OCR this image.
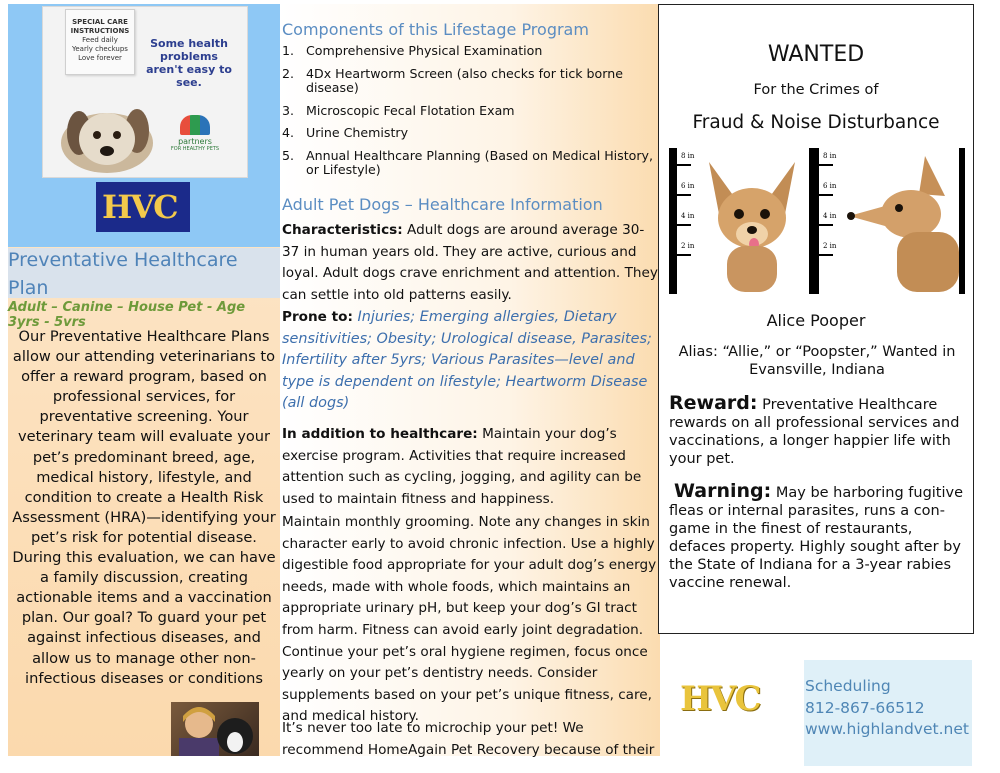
SPECIAL CARE INSTRUCTIONS
Feed daily
Yearly checkups
Love forever
Some health problems aren't easy to see.
partners
FOR HEALTHY PETS
HVC
Preventative Healthcare Plan
Adult – Canine – House Pet - Age 3yrs - 5vrs
Our Preventative Healthcare Plans allow our attending veterinarians to offer a reward program, based on professional services, for preventative screening. Your veterinary team will evaluate your pet’s predominant breed, age, medical history, lifestyle, and condition to create a Health Risk Assessment (HRA)—identifying your pet’s risk for potential disease. During this evaluation, we can have a family discussion, creating actionable items and a vaccination plan. Our goal? To guard your pet against infectious diseases, and allow us to manage other non-infectious diseases or conditions
Components of this Lifestage Program
1. Comprehensive Physical Examination
2. 4Dx Heartworm Screen (also checks for tick borne disease)
3. Microscopic Fecal Flotation Exam
4. Urine Chemistry
5. Annual Healthcare Planning (Based on Medical History, or Lifestyle)
Adult Pet Dogs – Healthcare Information
Characteristics: Adult dogs are around average 30-37 in human years old. They are active, curious and loyal. Adult dogs crave enrichment and attention. They can settle into old patterns easily.
Prone to: Injuries; Emerging allergies, Dietary sensitivities; Obesity; Urological disease, Parasites; Infertility after 5yrs; Various Parasites—level and type is dependent on lifestyle; Heartworm Disease (all dogs)
In addition to healthcare: Maintain your dog’s exercise program. Activities that require increased attention such as cycling, jogging, and agility can be used to maintain fitness and happiness.
Maintain monthly grooming. Note any changes in skin character early to avoid chronic infection. Use a highly digestible food appropriate for your adult dog’s energy needs, made with whole foods, which maintains an appropriate urinary pH, but keep your dog’s GI tract from harm. Fitness can avoid early joint degradation. Continue your pet’s oral hygiene regimen, focus once yearly on your pet’s dentistry needs. Consider supplements based on your pet’s unique fitness, care, and medical history.
It’s never too late to microchip your pet! We recommend HomeAgain Pet Recovery because of their
WANTED
For the Crimes of
Fraud & Noise Disturbance
8 in
6 in
4 in
2 in
8 in
6 in
4 in
2 in
Alice Pooper
Alias: “Allie,” or “Poopster,” Wanted in Evansville, Indiana
Reward: Preventative Healthcare rewards on all professional services and vaccinations, a longer happier life with your pet.
Warning: May be harboring fugitive fleas or internal parasites, runs a con-game in the finest of restaurants, defaces property. Highly sought after by the State of Indiana for a 3-year rabies vaccine renewal.
HVC	Scheduling
812-867-66512
www.highlandvet.net
